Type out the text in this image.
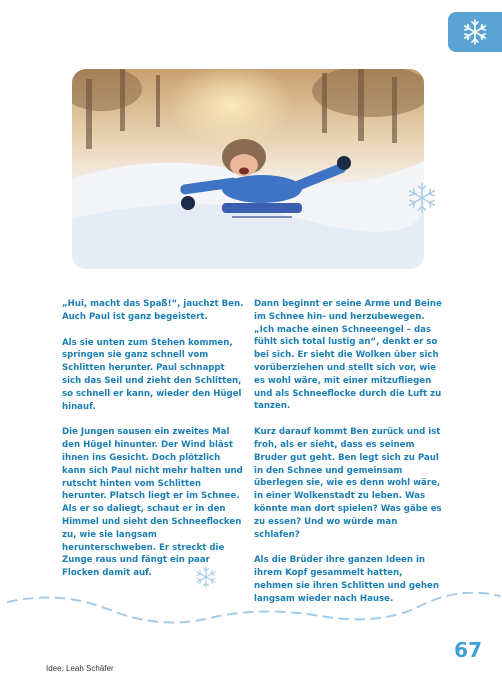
„Hui, macht das Spaß!“, jauchzt Ben. Auch Paul ist ganz begeistert.

Als sie unten zum Stehen kommen, springen sie ganz schnell vom Schlitten herunter. Paul schnappt sich das Seil und zieht den Schlitten, so schnell er kann, wieder den Hügel hinauf.

Die Jungen sausen ein zweites Mal den Hügel hinunter. Der Wind bläst ihnen ins Gesicht. Doch plötzlich kann sich Paul nicht mehr halten und rutscht hinten vom Schlitten herunter. Platsch liegt er im Schnee. Als er so daliegt, schaut er in den Himmel und sieht den Schneeflocken zu, wie sie langsam herunterschweben. Er streckt die Zunge raus und fängt ein paar Flocken damit auf.

Dann beginnt er seine Arme und Beine im Schnee hin- und herzubewegen. „Ich mache einen Schneeengel – das fühlt sich total lustig an“, denkt er so bei sich. Er sieht die Wolken über sich vorüberziehen und stellt sich vor, wie es wohl wäre, mit einer mitzufliegen und als Schneeflocke durch die Luft zu tanzen.

Kurz darauf kommt Ben zurück und ist froh, als er sieht, dass es seinem Bruder gut geht. Ben legt sich zu Paul in den Schnee und gemeinsam überlegen sie, wie es denn wohl wäre, in einer Wolkenstadt zu leben. Was könnte man dort spielen? Was gäbe es zu essen? Und wo würde man schlafen?

Als die Brüder ihre ganzen Ideen in ihrem Kopf gesammelt hatten, nehmen sie ihren Schlitten und gehen langsam wieder nach Hause.

67
Idee: Leah Schäfer
